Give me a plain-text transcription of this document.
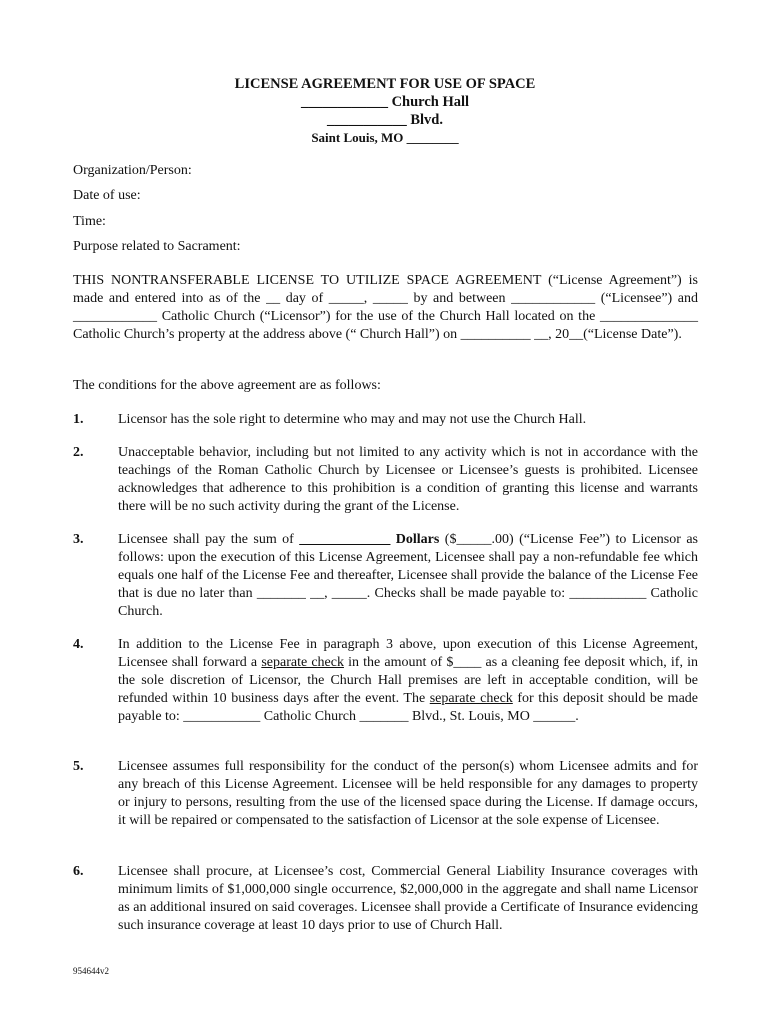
LICENSE AGREEMENT FOR USE OF SPACE
____________ Church Hall
___________ Blvd.
Saint Louis, MO ________
Organization/Person:
Date of use:
Time:
Purpose related to Sacrament:
THIS NONTRANSFERABLE LICENSE TO UTILIZE SPACE AGREEMENT (“License Agreement”) is made and entered into as of the __ day of _____, _____ by and between ____________ (“Licensee”) and ____________ Catholic Church (“Licensor”) for the use of the Church Hall located on the ______________ Catholic Church’s property at the address above (“ Church Hall”) on __________ __, 20__(“License Date”).
The conditions for the above agreement are as follows:
1. Licensor has the sole right to determine who may and may not use the Church Hall.
2. Unacceptable behavior, including but not limited to any activity which is not in accordance with the teachings of the Roman Catholic Church by Licensee or Licensee’s guests is prohibited. Licensee acknowledges that adherence to this prohibition is a condition of granting this license and warrants there will be no such activity during the grant of the License.
3. Licensee shall pay the sum of _____________ Dollars ($_____.00) (“License Fee”) to Licensor as follows: upon the execution of this License Agreement, Licensee shall pay a non-refundable fee which equals one half of the License Fee and thereafter, Licensee shall provide the balance of the License Fee that is due no later than _______ __, _____. Checks shall be made payable to: ___________ Catholic Church.
4. In addition to the License Fee in paragraph 3 above, upon execution of this License Agreement, Licensee shall forward a separate check in the amount of $____ as a cleaning fee deposit which, if, in the sole discretion of Licensor, the Church Hall premises are left in acceptable condition, will be refunded within 10 business days after the event. The separate check for this deposit should be made payable to: ___________ Catholic Church _______ Blvd., St. Louis, MO ______.
5. Licensee assumes full responsibility for the conduct of the person(s) whom Licensee admits and for any breach of this License Agreement. Licensee will be held responsible for any damages to property or injury to persons, resulting from the use of the licensed space during the License. If damage occurs, it will be repaired or compensated to the satisfaction of Licensor at the sole expense of Licensee.
6. Licensee shall procure, at Licensee’s cost, Commercial General Liability Insurance coverages with minimum limits of $1,000,000 single occurrence, $2,000,000 in the aggregate and shall name Licensor as an additional insured on said coverages. Licensee shall provide a Certificate of Insurance evidencing such insurance coverage at least 10 days prior to use of Church Hall.
954644v2
